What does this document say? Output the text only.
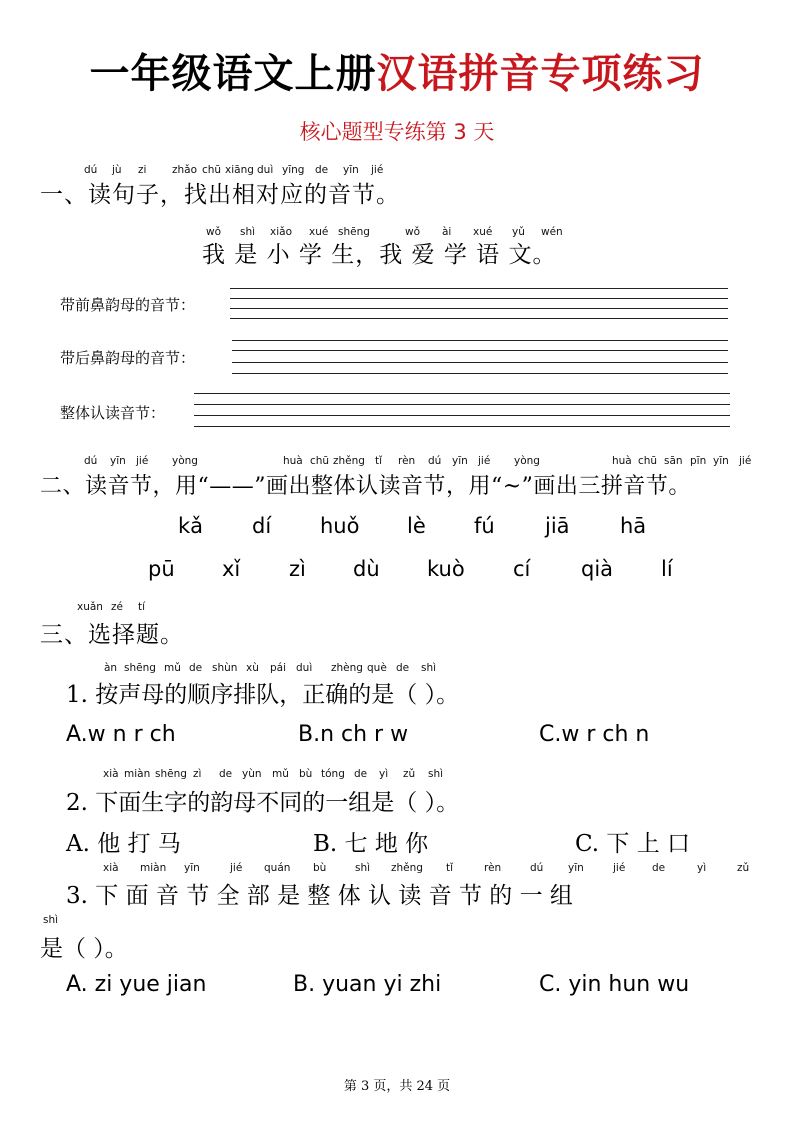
一年级语文上册汉语拼音专项练习
核心题型专练第 3 天
dú jù zi zhǎo chū xiāng duì yīng de yīn jié
一、读句子，找出相对应的音节。
wǒ shì xiǎo xué shēng	wǒ ài xué yǔ wén
我 是 小 学 生，我 爱 学 语 文。
带前鼻韵母的音节：
带后鼻韵母的音节：
整体认读音节：
dú yīn jié yòng	huà chū zhěng tǐ rèn dú yīn jié yòng	huà chū sān pīn yīn jié
二、读音节，用“——”画出整体认读音节，用“~”画出三拼音节。
kǎ dí huǒ lè fú jiā hā
pū xǐ zì dù kuò cí qià lí
xuǎn zé tí
三、选择题。
àn shēng mǔ de shùn xù pái duì zhèng què de shì
1. 按声母的顺序排队，正确的是（ ）。
A.w n r ch	B.n ch r w	C.w r ch n
xià miàn shēng zì de yùn mǔ bù tóng de yì zǔ shì
2. 下面生字的韵母不同的一组是（ ）。
A. 他 打 马	B. 七 地 你	C. 下 上 口
xià miàn yīn	jié quán bù	shì zhěng tǐ	rèn	dú yīn	jié	de	yì	zǔ
3. 下 面 音 节 全 部 是 整 体 认 读 音 节 的 一 组
shì
是（ ）。
A. zi yue jian	B. yuan yi zhi	C. yin hun wu
第 3 页，共 24 页
